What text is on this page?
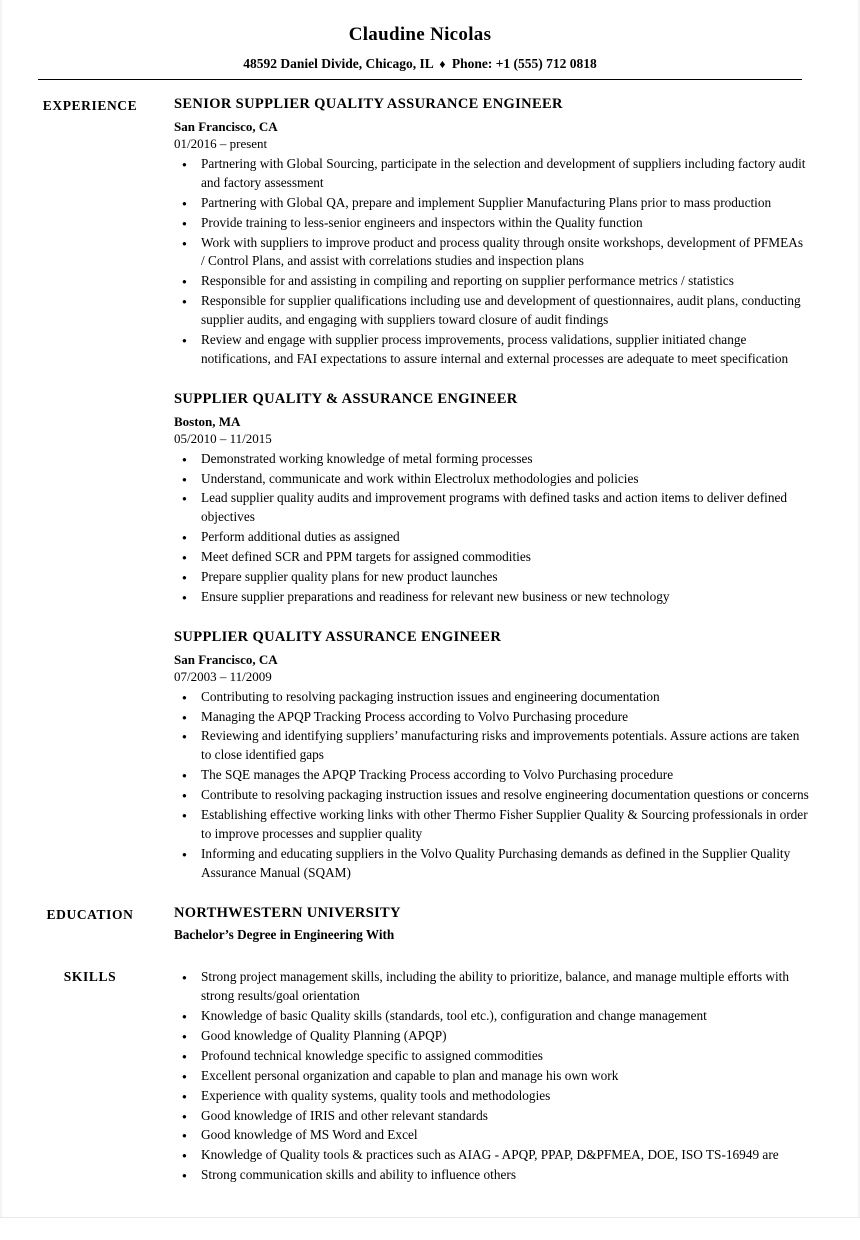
Claudine Nicolas
48592 Daniel Divide, Chicago, IL ♦ Phone: +1 (555) 712 0818
EXPERIENCE	SENIOR SUPPLIER QUALITY ASSURANCE ENGINEER
San Francisco, CA
01/2016 – present
● Partnering with Global Sourcing, participate in the selection and development of suppliers including factory audit and factory assessment
● Partnering with Global QA, prepare and implement Supplier Manufacturing Plans prior to mass production
● Provide training to less-senior engineers and inspectors within the Quality function
● Work with suppliers to improve product and process quality through onsite workshops, development of PFMEAs / Control Plans, and assist with correlations studies and inspection plans
● Responsible for and assisting in compiling and reporting on supplier performance metrics / statistics
● Responsible for supplier qualifications including use and development of questionnaires, audit plans, conducting supplier audits, and engaging with suppliers toward closure of audit findings
● Review and engage with supplier process improvements, process validations, supplier initiated change notifications, and FAI expectations to assure internal and external processes are adequate to meet specification
SUPPLIER QUALITY & ASSURANCE ENGINEER
Boston, MA
05/2010 – 11/2015
● Demonstrated working knowledge of metal forming processes
● Understand, communicate and work within Electrolux methodologies and policies
● Lead supplier quality audits and improvement programs with defined tasks and action items to deliver defined objectives
● Perform additional duties as assigned
● Meet defined SCR and PPM targets for assigned commodities
● Prepare supplier quality plans for new product launches
● Ensure supplier preparations and readiness for relevant new business or new technology
SUPPLIER QUALITY ASSURANCE ENGINEER
San Francisco, CA
07/2003 – 11/2009
● Contributing to resolving packaging instruction issues and engineering documentation
● Managing the APQP Tracking Process according to Volvo Purchasing procedure
● Reviewing and identifying suppliers’ manufacturing risks and improvements potentials. Assure actions are taken to close identified gaps
● The SQE manages the APQP Tracking Process according to Volvo Purchasing procedure
● Contribute to resolving packaging instruction issues and resolve engineering documentation questions or concerns
● Establishing effective working links with other Thermo Fisher Supplier Quality & Sourcing professionals in order to improve processes and supplier quality
● Informing and educating suppliers in the Volvo Quality Purchasing demands as defined in the Supplier Quality Assurance Manual (SQAM)
EDUCATION	NORTHWESTERN UNIVERSITY
Bachelor’s Degree in Engineering With
SKILLS	● Strong project management skills, including the ability to prioritize, balance, and manage multiple efforts with strong results/goal orientation
● Knowledge of basic Quality skills (standards, tool etc.), configuration and change management
● Good knowledge of Quality Planning (APQP)
● Profound technical knowledge specific to assigned commodities
● Excellent personal organization and capable to plan and manage his own work
● Experience with quality systems, quality tools and methodologies
● Good knowledge of IRIS and other relevant standards
● Good knowledge of MS Word and Excel
● Knowledge of Quality tools & practices such as AIAG - APQP, PPAP, D&PFMEA, DOE, ISO TS-16949 are
● Strong communication skills and ability to influence others
